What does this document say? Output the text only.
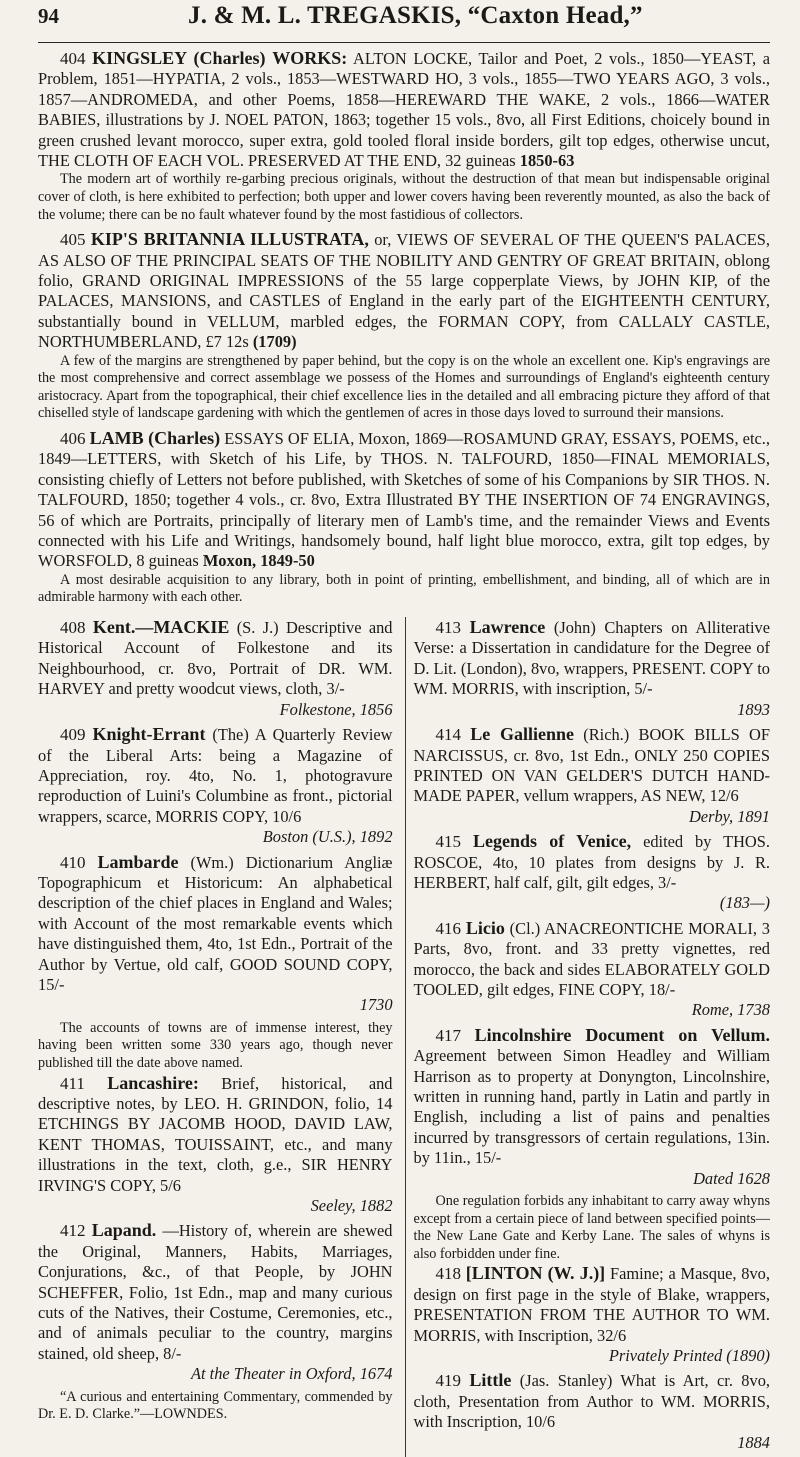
94	J. & M. L. TREGASKIS, “Caxton Head,”

404 KINGSLEY (Charles) WORKS: ALTON LOCKE, Tailor and Poet, 2 vols., 1850—YEAST, a Problem, 1851—HYPATIA, 2 vols., 1853—WESTWARD HO, 3 vols., 1855—TWO YEARS AGO, 3 vols., 1857—ANDROMEDA, and other Poems, 1858—HEREWARD THE WAKE, 2 vols., 1866—WATER BABIES, illustrations by J. NOEL PATON, 1863; together 15 vols., 8vo, all First Editions, choicely bound in green crushed levant morocco, super extra, gold tooled floral inside borders, gilt top edges, otherwise uncut, THE CLOTH OF EACH VOL. PRESERVED AT THE END, 32 guineas 1850-63

The modern art of worthily re-garbing precious originals, without the destruction of that mean but indispensable original cover of cloth, is here exhibited to perfection; both upper and lower covers having been reverently mounted, as also the back of the volume; there can be no fault whatever found by the most fastidious of collectors.

405 KIP'S BRITANNIA ILLUSTRATA, or, VIEWS OF SEVERAL OF THE QUEEN'S PALACES, AS ALSO OF THE PRINCIPAL SEATS OF THE NOBILITY AND GENTRY OF GREAT BRITAIN, oblong folio, GRAND ORIGINAL IMPRESSIONS of the 55 large copperplate Views, by JOHN KIP, of the PALACES, MANSIONS, and CASTLES of England in the early part of the EIGHTEENTH CENTURY, substantially bound in VELLUM, marbled edges, the FORMAN COPY, from CALLALY CASTLE, NORTHUMBERLAND, £7 12s (1709)

A few of the margins are strengthened by paper behind, but the copy is on the whole an excellent one. Kip's engravings are the most comprehensive and correct assemblage we possess of the Homes and surroundings of England's eighteenth century aristocracy. Apart from the topographical, their chief excellence lies in the detailed and all embracing picture they afford of that chiselled style of landscape gardening with which the gentlemen of acres in those days loved to surround their mansions.

406 LAMB (Charles) ESSAYS OF ELIA, Moxon, 1869—ROSAMUND GRAY, ESSAYS, POEMS, etc., 1849—LETTERS, with Sketch of his Life, by THOS. N. TALFOURD, 1850—FINAL MEMORIALS, consisting chiefly of Letters not before published, with Sketches of some of his Companions by SIR THOS. N. TALFOURD, 1850; together 4 vols., cr. 8vo, Extra Illustrated BY THE INSERTION OF 74 ENGRAVINGS, 56 of which are Portraits, principally of literary men of Lamb's time, and the remainder Views and Events connected with his Life and Writings, handsomely bound, half light blue morocco, extra, gilt top edges, by WORSFOLD, 8 guineas Moxon, 1849-50

A most desirable acquisition to any library, both in point of printing, embellishment, and binding, all of which are in admirable harmony with each other.

408 Kent.—MACKIE (S. J.) Descriptive and Historical Account of Folkestone and its Neighbourhood, cr. 8vo, Portrait of DR. WM. HARVEY and pretty woodcut views, cloth, 3/-
Folkestone, 1856

409 Knight-Errant (The) A Quarterly Review of the Liberal Arts: being a Magazine of Appreciation, roy. 4to, No. 1, photogravure reproduction of Luini's Columbine as front., pictorial wrappers, scarce, MORRIS COPY, 10/6
Boston (U.S.), 1892

410 Lambarde (Wm.) Dictionarium Angliæ Topographicum et Historicum: An alphabetical description of the chief places in England and Wales; with Account of the most remarkable events which have distinguished them, 4to, 1st Edn., Portrait of the Author by Vertue, old calf, GOOD SOUND COPY, 15/-
1730

The accounts of towns are of immense interest, they having been written some 330 years ago, though never published till the date above named.

411 Lancashire: Brief, historical, and descriptive notes, by LEO. H. GRINDON, folio, 14 ETCHINGS BY JACOMB HOOD, DAVID LAW, KENT THOMAS, TOUISSAINT, etc., and many illustrations in the text, cloth, g.e., SIR HENRY IRVING'S COPY, 5/6
Seeley, 1882

412 Lapand. —History of, wherein are shewed the Original, Manners, Habits, Marriages, Conjurations, &c., of that People, by JOHN SCHEFFER, Folio, 1st Edn., map and many curious cuts of the Natives, their Costume, Ceremonies, etc., and of animals peculiar to the country, margins stained, old sheep, 8/-
At the Theater in Oxford, 1674

“A curious and entertaining Commentary, commended by Dr. E. D. Clarke.”—LOWNDES.

413 Lawrence (John) Chapters on Alliterative Verse: a Dissertation in candidature for the Degree of D. Lit. (London), 8vo, wrappers, PRESENT. COPY to WM. MORRIS, with inscription, 5/-
1893

414 Le Gallienne (Rich.) BOOK BILLS OF NARCISSUS, cr. 8vo, 1st Edn., ONLY 250 COPIES PRINTED ON VAN GELDER'S DUTCH HAND-MADE PAPER, vellum wrappers, AS NEW, 12/6
Derby, 1891

415 Legends of Venice, edited by THOS. ROSCOE, 4to, 10 plates from designs by J. R. HERBERT, half calf, gilt, gilt edges, 3/-
(183—)

416 Licio (Cl.) ANACREONTICHE MORALI, 3 Parts, 8vo, front. and 33 pretty vignettes, red morocco, the back and sides ELABORATELY GOLD TOOLED, gilt edges, FINE COPY, 18/-
Rome, 1738

417 Lincolnshire Document on Vellum. Agreement between Simon Headley and William Harrison as to property at Donyngton, Lincolnshire, written in running hand, partly in Latin and partly in English, including a list of pains and penalties incurred by transgressors of certain regulations, 13in. by 11in., 15/-
Dated 1628

One regulation forbids any inhabitant to carry away whyns except from a certain piece of land between specified points—the New Lane Gate and Kerby Lane. The sales of whyns is also forbidden under fine.

418 [LINTON (W. J.)] Famine; a Masque, 8vo, design on first page in the style of Blake, wrappers, PRESENTATION FROM THE AUTHOR TO WM. MORRIS, with Inscription, 32/6
Privately Printed (1890)

419 Little (Jas. Stanley) What is Art, cr. 8vo, cloth, Presentation from Author to WM. MORRIS, with Inscription, 10/6
1884
